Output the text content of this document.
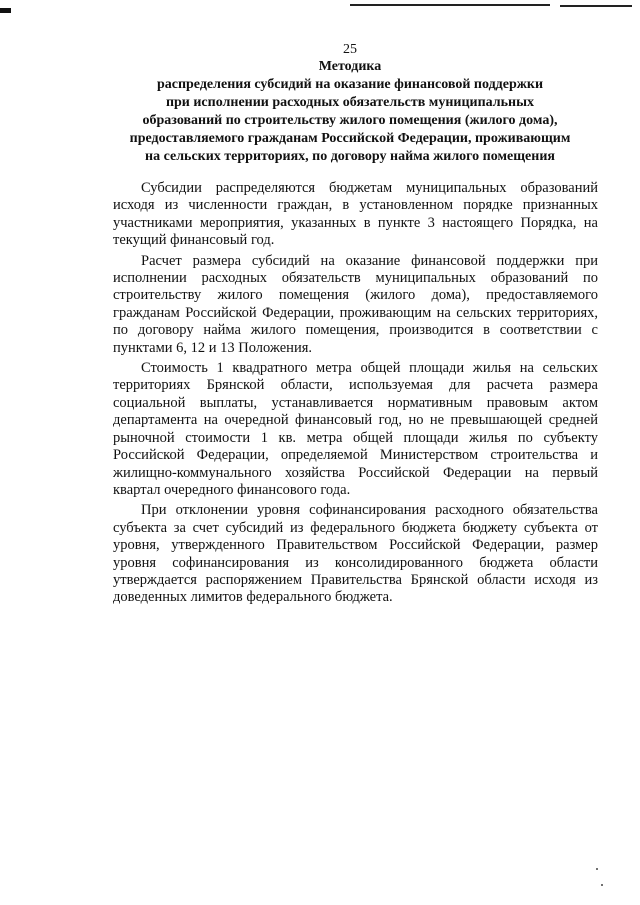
25
Методика
распределения субсидий на оказание финансовой поддержки
при исполнении расходных обязательств муниципальных
образований по строительству жилого помещения (жилого дома),
предоставляемого гражданам Российской Федерации, проживающим
на сельских территориях, по договору найма жилого помещения

Субсидии распределяются бюджетам муниципальных образований исходя из численности граждан, в установленном порядке признанных участниками мероприятия, указанных в пункте 3 настоящего Порядка, на текущий финансовый год.

Расчет размера субсидий на оказание финансовой поддержки при исполнении расходных обязательств муниципальных образований по строительству жилого помещения (жилого дома), предоставляемого гражданам Российской Федерации, проживающим на сельских территориях, по договору найма жилого помещения, производится в соответствии с пунктами 6, 12 и 13 Положения.

Стоимость 1 квадратного метра общей площади жилья на сельских территориях Брянской области, используемая для расчета размера социальной выплаты, устанавливается нормативным правовым актом департамента на очередной финансовый год, но не превышающей средней рыночной стоимости 1 кв. метра общей площади жилья по субъекту Российской Федерации, определяемой Министерством строительства и жилищно-коммунального хозяйства Российской Федерации на первый квартал очередного финансового года.

При отклонении уровня софинансирования расходного обязательства субъекта за счет субсидий из федерального бюджета бюджету субъекта от уровня, утвержденного Правительством Российской Федерации, размер уровня софинансирования из консолидированного бюджета области утверждается распоряжением Правительства Брянской области исходя из доведенных лимитов федерального бюджета.
